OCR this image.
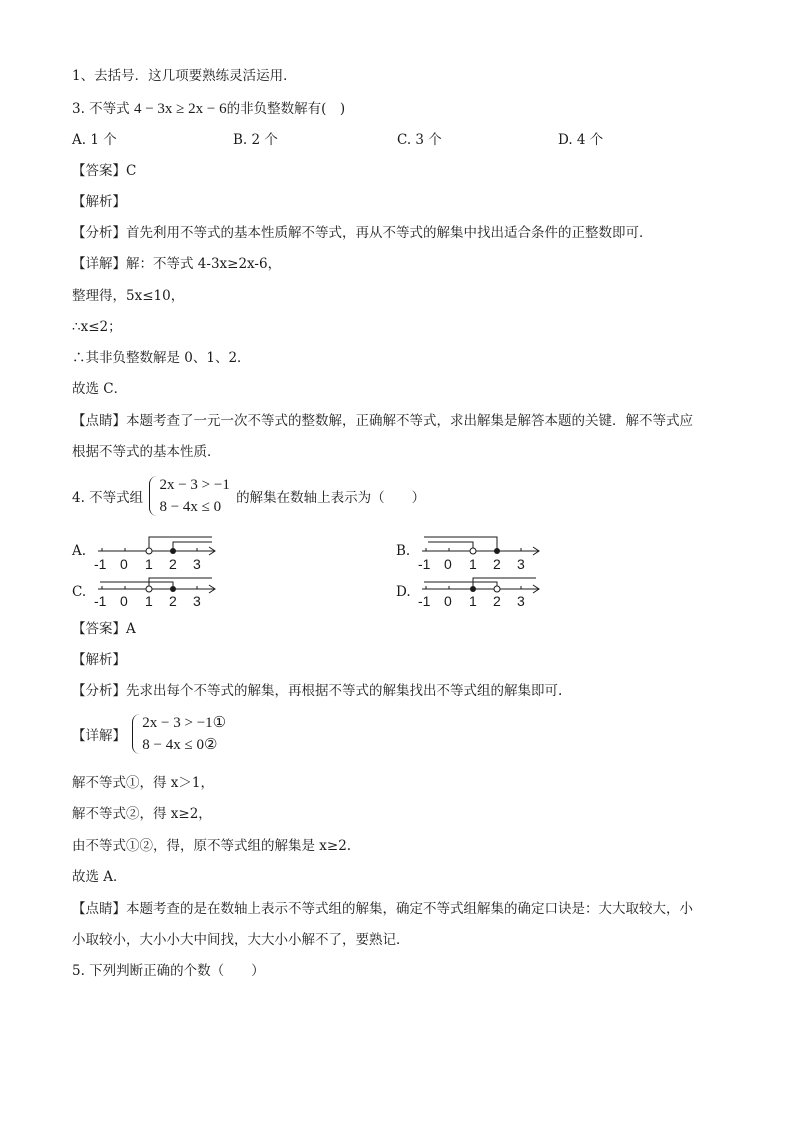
1、去括号．这几项要熟练灵活运用．
3. 不等式 4 − 3x ≥ 2x − 6的非负整数解有(　)
A. 1 个	B. 2 个	C. 3 个	D. 4 个
【答案】C
【解析】
【分析】首先利用不等式的基本性质解不等式，再从不等式的解集中找出适合条件的正整数即可．
【详解】解：不等式 4-3x≥2x-6，
整理得，5x≤10，
∴x≤2；
∴其非负整数解是 0、1、2．
故选 C．
【点睛】本题考查了一元一次不等式的整数解，正确解不等式，求出解集是解答本题的关键．解不等式应
根据不等式的基本性质．
4. 不等式组
2x − 3 > −1
8 − 4x ≤ 0
的解集在数轴上表示为（　　）
A.	B.
C.	D.
-1 0 1 2 3	-1 0 1 2 3
-1 0 1 2 3	-1 0 1 2 3
【答案】A
【解析】
【分析】先求出每个不等式的解集，再根据不等式的解集找出不等式组的解集即可.
【详解】
2x − 3 > −1①
8 − 4x ≤ 0②
解不等式①，得 x＞1，
解不等式②，得 x≥2，
由不等式①②，得，原不等式组的解集是 x≥2.
故选 A．
【点睛】本题考查的是在数轴上表示不等式组的解集，确定不等式组解集的确定口诀是：大大取较大，小
小取较小，大小小大中间找，大大小小解不了，要熟记．
5. 下列判断正确的个数（　　）
